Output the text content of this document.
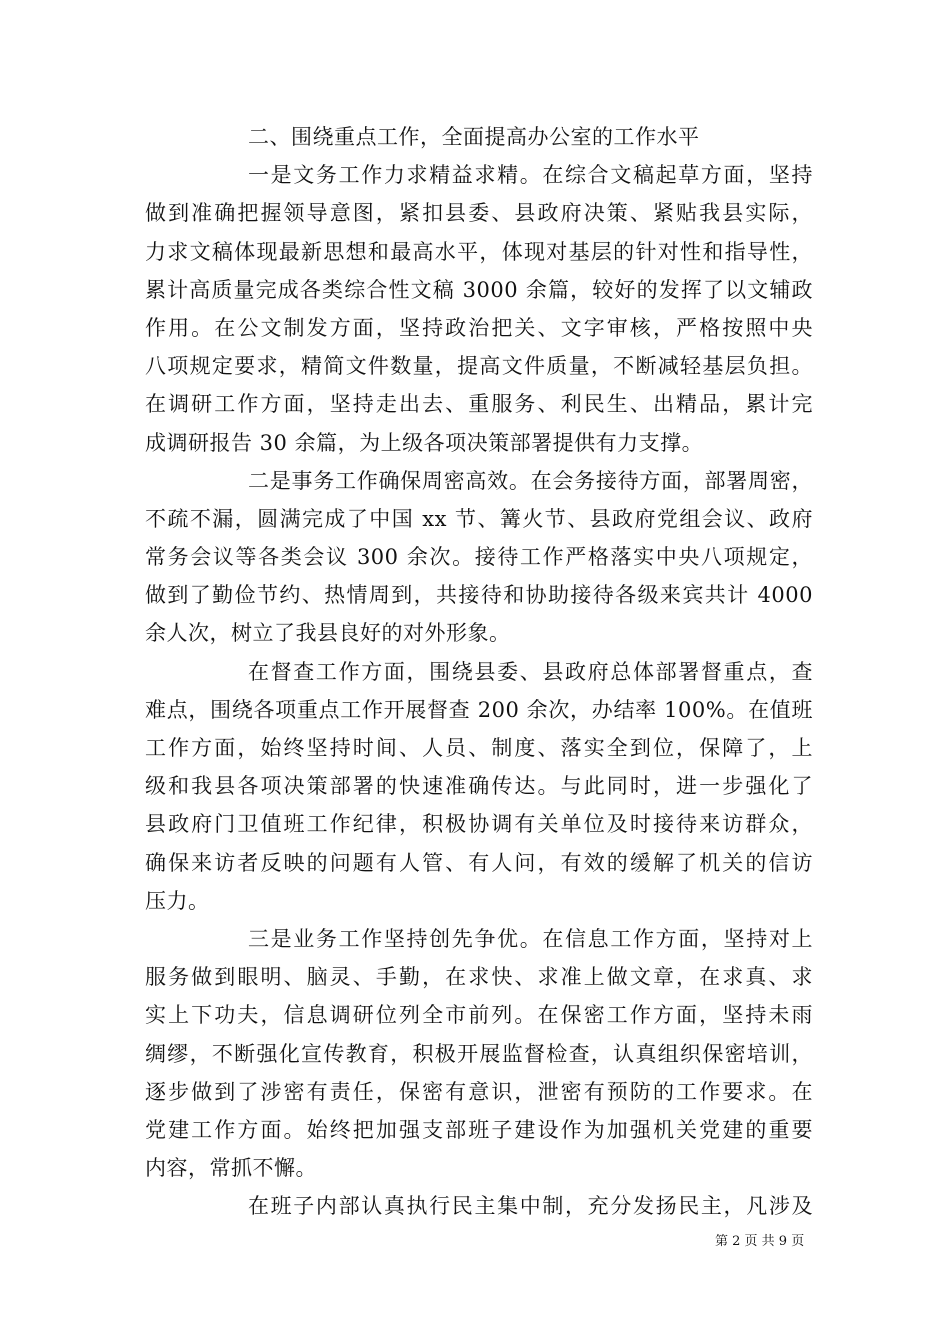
二、围绕重点工作，全面提高办公室的工作水平
一是文务工作力求精益求精。在综合文稿起草方面，坚持
做到准确把握领导意图，紧扣县委、县政府决策、紧贴我县实际，
力求文稿体现最新思想和最高水平，体现对基层的针对性和指导性，
累计高质量完成各类综合性文稿 3000 余篇，较好的发挥了以文辅政
作用。在公文制发方面，坚持政治把关、文字审核，严格按照中央
八项规定要求，精简文件数量，提高文件质量，不断减轻基层负担。
在调研工作方面，坚持走出去、重服务、利民生、出精品，累计完
成调研报告 30 余篇，为上级各项决策部署提供有力支撑。
二是事务工作确保周密高效。在会务接待方面，部署周密，
不疏不漏，圆满完成了中国 xx 节、篝火节、县政府党组会议、政府
常务会议等各类会议 300 余次。接待工作严格落实中央八项规定，
做到了勤俭节约、热情周到，共接待和协助接待各级来宾共计 4000
余人次，树立了我县良好的对外形象。
在督查工作方面，围绕县委、县政府总体部署督重点，查
难点，围绕各项重点工作开展督查 200 余次，办结率 100%。在值班
工作方面，始终坚持时间、人员、制度、落实全到位，保障了，上
级和我县各项决策部署的快速准确传达。与此同时，进一步强化了
县政府门卫值班工作纪律，积极协调有关单位及时接待来访群众，
确保来访者反映的问题有人管、有人问，有效的缓解了机关的信访
压力。
三是业务工作坚持创先争优。在信息工作方面，坚持对上
服务做到眼明、脑灵、手勤，在求快、求准上做文章，在求真、求
实上下功夫，信息调研位列全市前列。在保密工作方面，坚持未雨
绸缪，不断强化宣传教育，积极开展监督检查，认真组织保密培训，
逐步做到了涉密有责任，保密有意识，泄密有预防的工作要求。在
党建工作方面。始终把加强支部班子建设作为加强机关党建的重要
内容，常抓不懈。
在班子内部认真执行民主集中制，充分发扬民主，凡涉及
第 2 页 共 9 页
